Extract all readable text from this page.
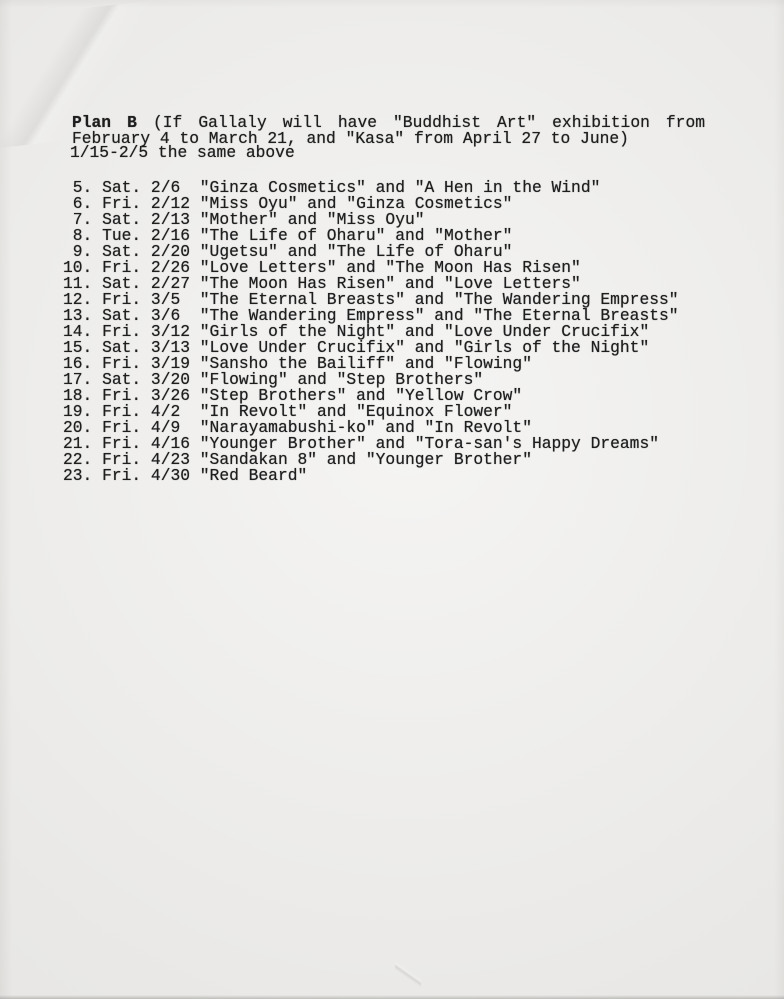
Plan B (If Gallaly will have "Buddhist Art" exhibition from February 4 to March 21, and "Kasa" from April 27 to June)

1/15-2/5 the same above
5. Sat. 2/6  "Ginza Cosmetics" and "A Hen in the Wind"
6. Fri. 2/12 "Miss Oyu" and "Ginza Cosmetics"
7. Sat. 2/13 "Mother" and "Miss Oyu"
8. Tue. 2/16 "The Life of Oharu" and "Mother"
9. Sat. 2/20 "Ugetsu" and "The Life of Oharu"
10. Fri. 2/26 "Love Letters" and "The Moon Has Risen"
11. Sat. 2/27 "The Moon Has Risen" and "Love Letters"
12. Fri. 3/5  "The Eternal Breasts" and "The Wandering Empress"
13. Sat. 3/6  "The Wandering Empress" and "The Eternal Breasts"
14. Fri. 3/12 "Girls of the Night" and "Love Under Crucifix"
15. Sat. 3/13 "Love Under Crucifix" and "Girls of the Night"
16. Fri. 3/19 "Sansho the Bailiff" and "Flowing"
17. Sat. 3/20 "Flowing" and "Step Brothers"
18. Fri. 3/26 "Step Brothers" and "Yellow Crow"
19. Fri. 4/2  "In Revolt" and "Equinox Flower"
20. Fri. 4/9  "Narayamabushi-ko" and "In Revolt"
21. Fri. 4/16 "Younger Brother" and "Tora-san's Happy Dreams"
22. Fri. 4/23 "Sandakan 8" and "Younger Brother"
23. Fri. 4/30 "Red Beard"
